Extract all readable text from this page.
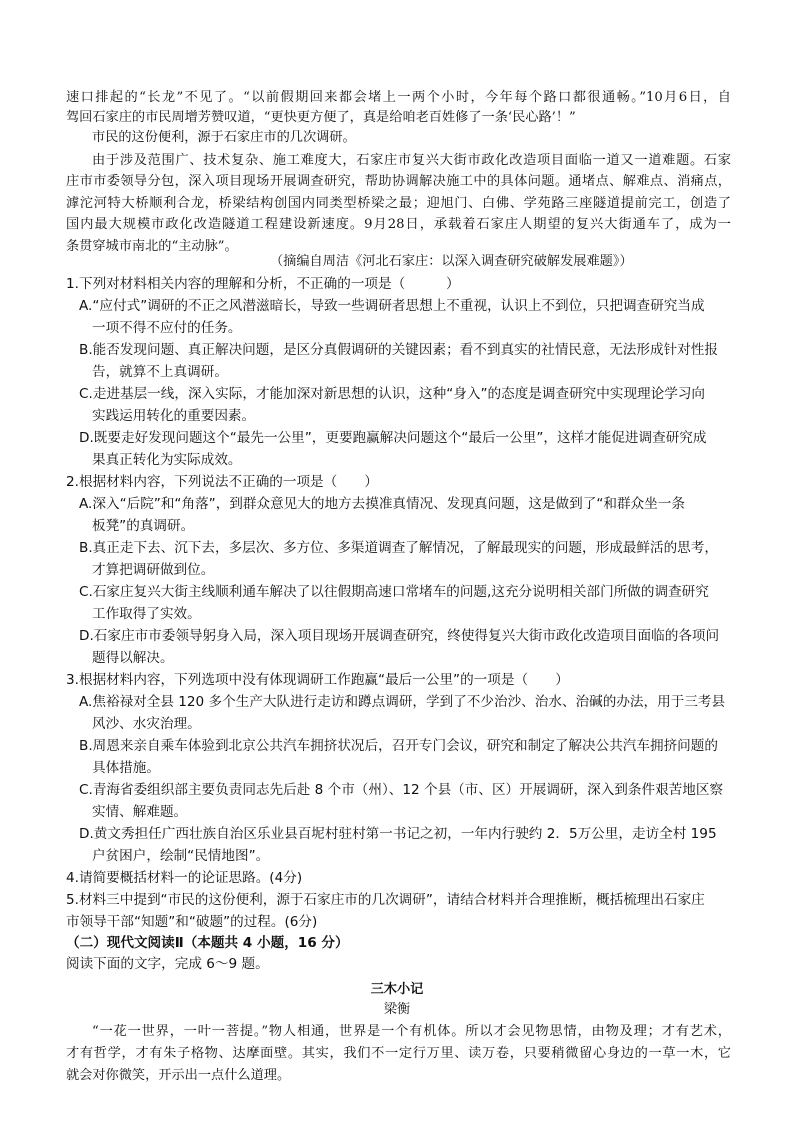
速口排起的“长龙”不见了。“以前假期回来都会堵上一两个小时，今年每个路口都很通畅。”10月6日，自
驾回石家庄的市民周增芳赞叹道，“更快更方便了，真是给咱老百姓修了一条‘民心路’！”
市民的这份便利，源于石家庄市的几次调研。
由于涉及范围广、技术复杂、施工难度大，石家庄市复兴大街市政化改造项目面临一道又一道难题。石家
庄市市委领导分包，深入项目现场开展调查研究，帮助协调解决施工中的具体问题。通堵点、解难点、消痛点，
滹沱河特大桥顺利合龙，桥梁结构创国内同类型桥梁之最；迎旭门、白佛、学苑路三座隧道提前完工，创造了
国内最大规模市政化改造隧道工程建设新速度。9月28日，承载着石家庄人期望的复兴大街通车了，成为一
条贯穿城市南北的“主动脉”。
（摘编自周洁《河北石家庄：以深入调查研究破解发展难题》）
1.下列对材料相关内容的理解和分析，不正确的一项是（　　　）
A.“应付式”调研的不正之风潜滋暗长，导致一些调研者思想上不重视，认识上不到位，只把调查研究当成
一项不得不应付的任务。
B.能否发现问题、真正解决问题，是区分真假调研的关键因素；看不到真实的社情民意，无法形成针对性报
告，就算不上真调研。
C.走进基层一线，深入实际，才能加深对新思想的认识，这种“身入”的态度是调查研究中实现理论学习向
实践运用转化的重要因素。
D.既要走好发现问题这个“最先一公里”，更要跑赢解决问题这个“最后一公里”，这样才能促进调查研究成
果真正转化为实际成效。
2.根据材料内容，下列说法不正确的一项是（　　）
A.深入“后院”和“角落”，到群众意见大的地方去摸准真情况、发现真问题，这是做到了“和群众坐一条
板凳”的真调研。
B.真正走下去、沉下去，多层次、多方位、多渠道调查了解情况，了解最现实的问题，形成最鲜活的思考，
才算把调研做到位。
C.石家庄复兴大街主线顺利通车解决了以往假期高速口常堵车的问题,这充分说明相关部门所做的调查研究
工作取得了实效。
D.石家庄市市委领导躬身入局，深入项目现场开展调查研究，终使得复兴大街市政化改造项目面临的各项问
题得以解决。
3.根据材料内容，下列选项中没有体现调研工作跑赢“最后一公里”的一项是（　　）
A.焦裕禄对全县 120 多个生产大队进行走访和蹲点调研，学到了不少治沙、治水、治碱的办法，用于三考县
风沙、水灾治理。
B.周恩来亲自乘车体验到北京公共汽车拥挤状况后，召开专门会议，研究和制定了解决公共汽车拥挤问题的
具体措施。
C.青海省委组织部主要负责同志先后赴 8 个市（州）、12 个县（市、区）开展调研，深入到条件艰苦地区察
实情、解难题。
D.黄文秀担任广西壮族自治区乐业县百坭村驻村第一书记之初，一年内行驶约 2．5万公里，走访全村 195
户贫困户，绘制“民情地图”。
4.请简要概括材料一的论证思路。(4分)
5.材料三中提到“市民的这份便利，源于石家庄市的几次调研”，请结合材料并合理推断，概括梳理出石家庄
市领导干部“知题”和“破题”的过程。(6分)
（二）现代文阅读Ⅱ（本题共 4 小题，16 分）
阅读下面的文字，完成 6～9 题。
三木小记
梁衡
“一花一世界，一叶一菩提。”物人相通，世界是一个有机体。所以才会见物思情，由物及理；才有艺术，
才有哲学，才有朱子格物、达摩面壁。其实，我们不一定行万里、读万卷，只要稍微留心身边的一草一木，它
就会对你微笑，开示出一点什么道理。
